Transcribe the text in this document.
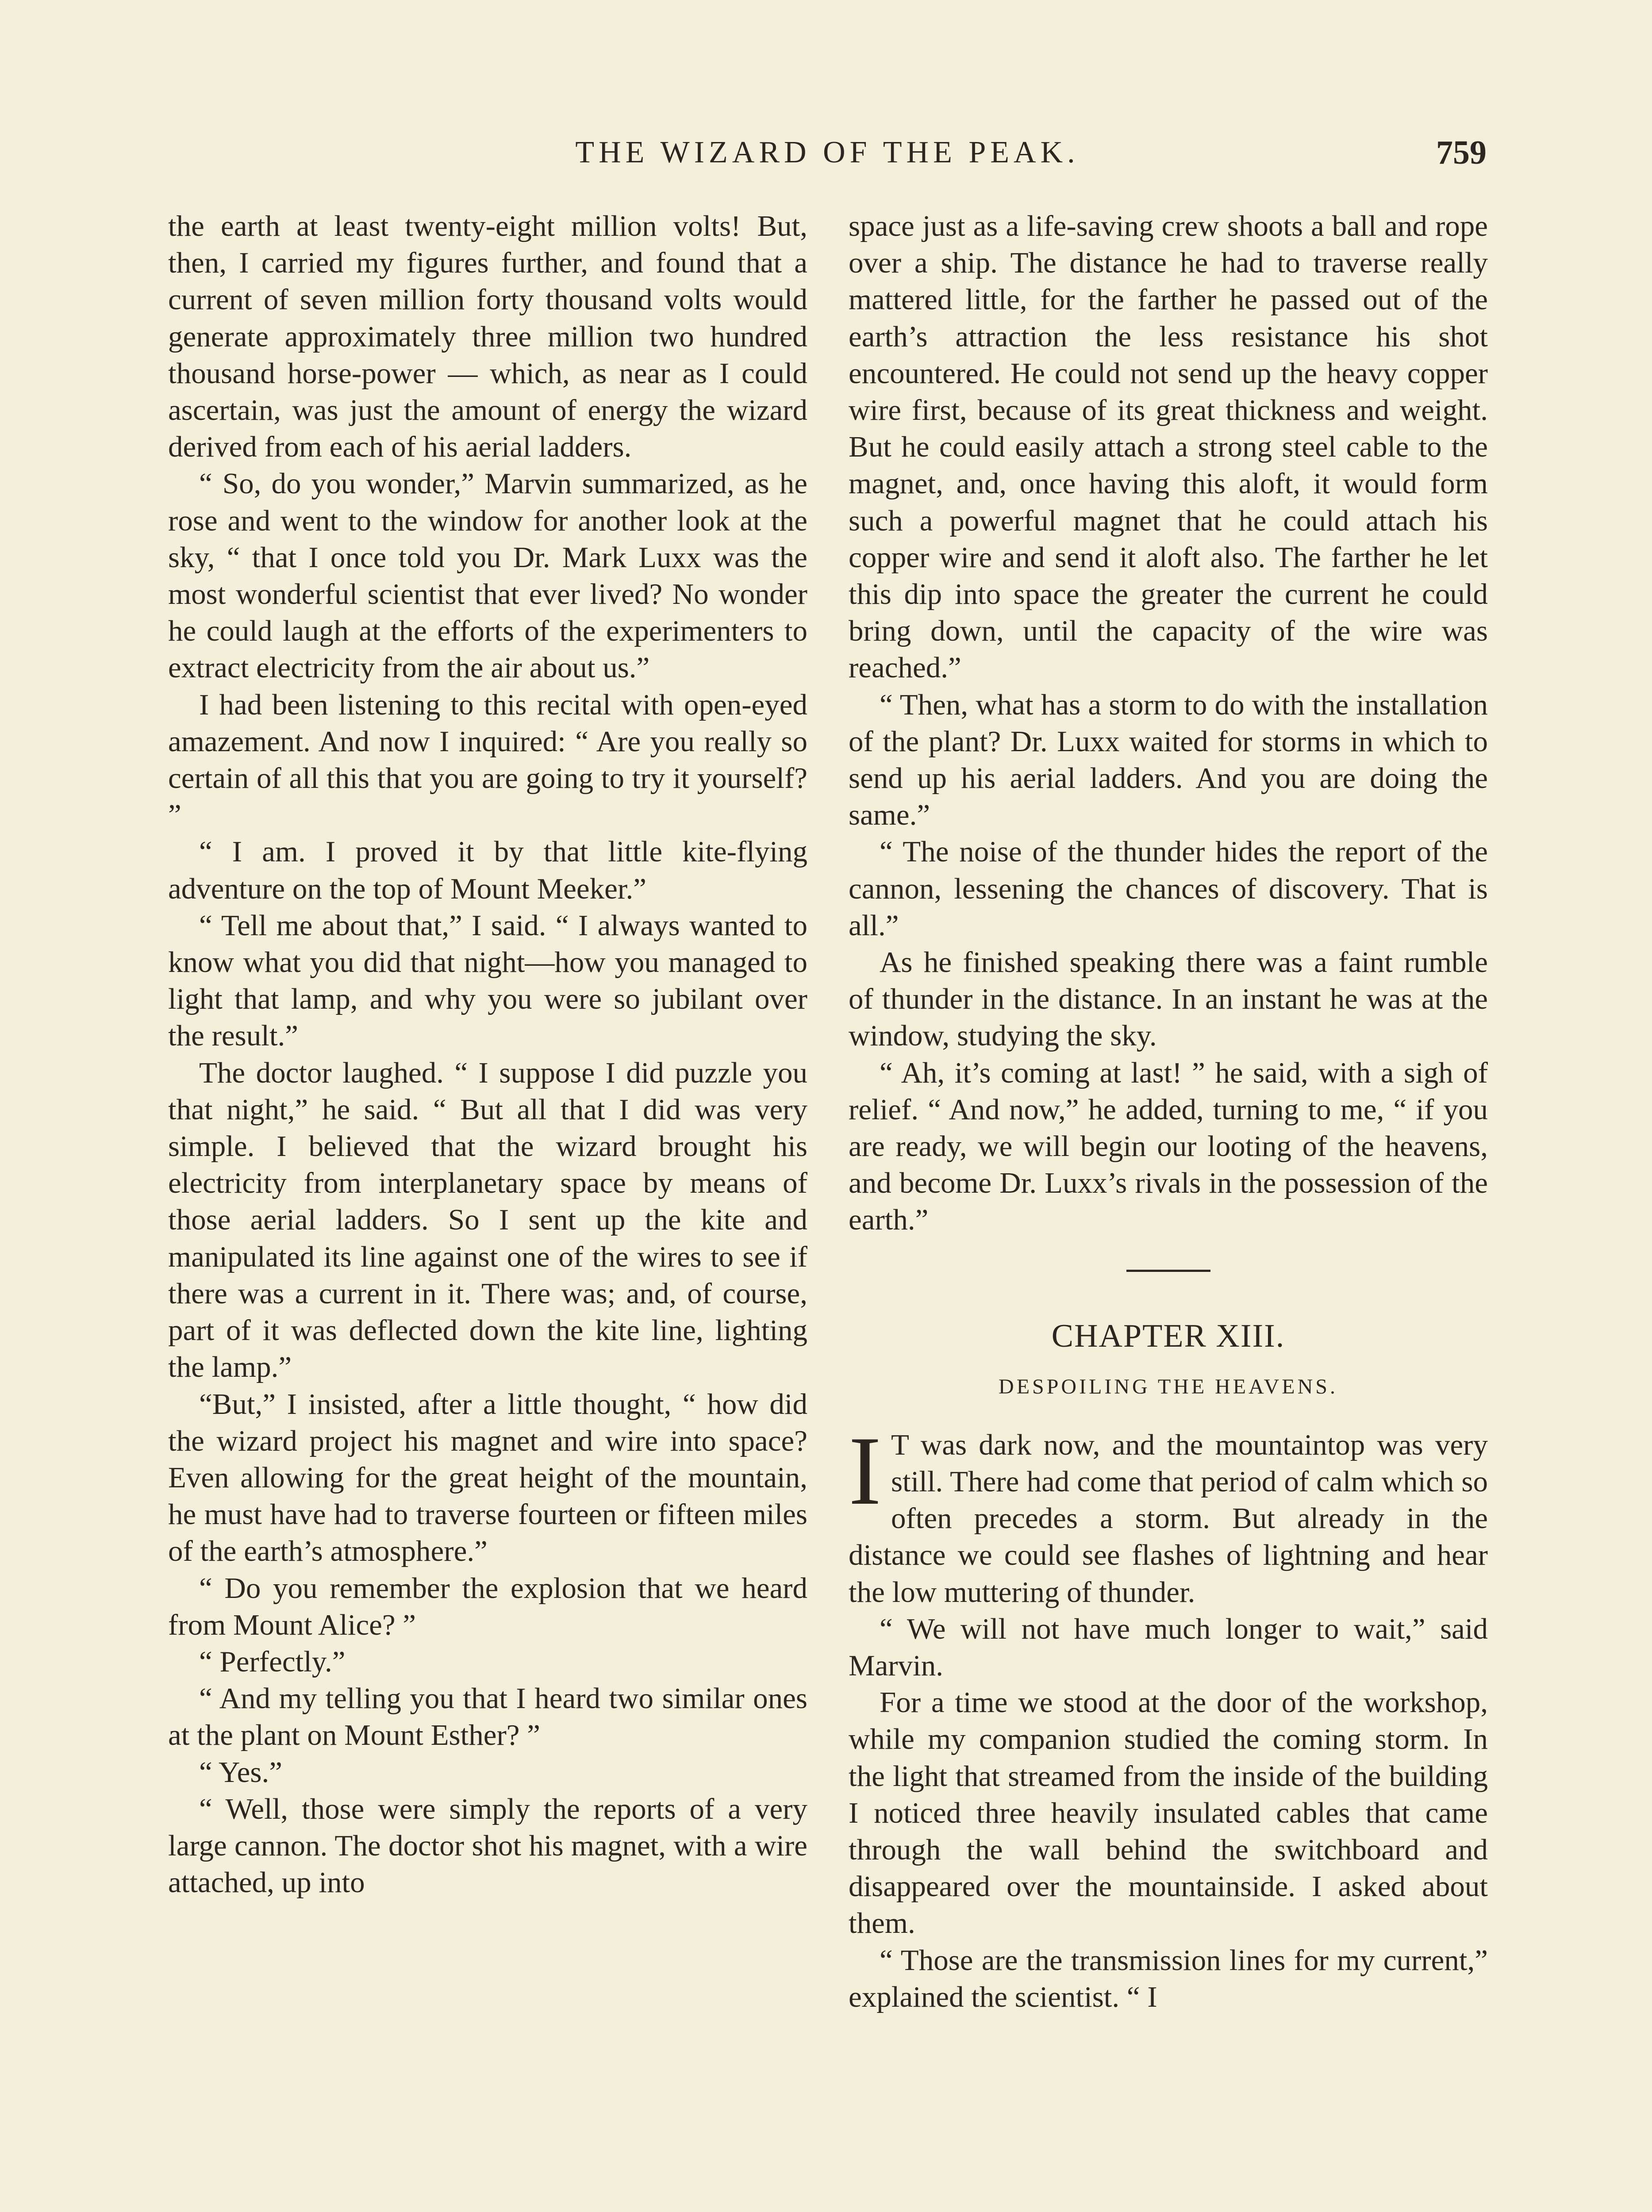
THE WIZARD OF THE PEAK.	759

the earth at least twenty-eight million volts! But, then, I carried my figures further, and found that a current of seven million forty thousand volts would generate approximately three million two hundred thousand horse-power — which, as near as I could ascertain, was just the amount of energy the wizard derived from each of his aerial ladders.

“ So, do you wonder,” Marvin summarized, as he rose and went to the window for another look at the sky, “ that I once told you Dr. Mark Luxx was the most wonderful scientist that ever lived? No wonder he could laugh at the efforts of the experimenters to extract electricity from the air about us.”

I had been listening to this recital with open-eyed amazement. And now I inquired: “ Are you really so certain of all this that you are going to try it yourself? ”

“ I am. I proved it by that little kite-flying adventure on the top of Mount Meeker.”

“ Tell me about that,” I said. “ I always wanted to know what you did that night—how you managed to light that lamp, and why you were so jubilant over the result.”

The doctor laughed. “ I suppose I did puzzle you that night,” he said. “ But all that I did was very simple. I believed that the wizard brought his electricity from interplanetary space by means of those aerial ladders. So I sent up the kite and manipulated its line against one of the wires to see if there was a current in it. There was; and, of course, part of it was deflected down the kite line, lighting the lamp.”

“But,” I insisted, after a little thought, “ how did the wizard project his magnet and wire into space? Even allowing for the great height of the mountain, he must have had to traverse fourteen or fifteen miles of the earth’s atmosphere.”

“ Do you remember the explosion that we heard from Mount Alice? ”

“ Perfectly.”

“ And my telling you that I heard two similar ones at the plant on Mount Esther? ”

“ Yes.”

“ Well, those were simply the reports of a very large cannon. The doctor shot his magnet, with a wire attached, up into

space just as a life-saving crew shoots a ball and rope over a ship. The distance he had to traverse really mattered little, for the farther he passed out of the earth’s attraction the less resistance his shot encountered. He could not send up the heavy copper wire first, because of its great thickness and weight. But he could easily attach a strong steel cable to the magnet, and, once having this aloft, it would form such a powerful magnet that he could attach his copper wire and send it aloft also. The farther he let this dip into space the greater the current he could bring down, until the capacity of the wire was reached.”

“ Then, what has a storm to do with the installation of the plant? Dr. Luxx waited for storms in which to send up his aerial ladders. And you are doing the same.”

“ The noise of the thunder hides the report of the cannon, lessening the chances of discovery. That is all.”

As he finished speaking there was a faint rumble of thunder in the distance. In an instant he was at the window, studying the sky.

“ Ah, it’s coming at last! ” he said, with a sigh of relief. “ And now,” he added, turning to me, “ if you are ready, we will begin our looting of the heavens, and become Dr. Luxx’s rivals in the possession of the earth.”

CHAPTER XIII.
DESPOILING THE HEAVENS.

I T was dark now, and the mountaintop was very still. There had come that period of calm which so often precedes a storm. But already in the distance we could see flashes of lightning and hear the low muttering of thunder.

“ We will not have much longer to wait,” said Marvin.

For a time we stood at the door of the workshop, while my companion studied the coming storm. In the light that streamed from the inside of the building I noticed three heavily insulated cables that came through the wall behind the switchboard and disappeared over the mountainside. I asked about them.

“ Those are the transmission lines for my current,” explained the scientist. “ I
